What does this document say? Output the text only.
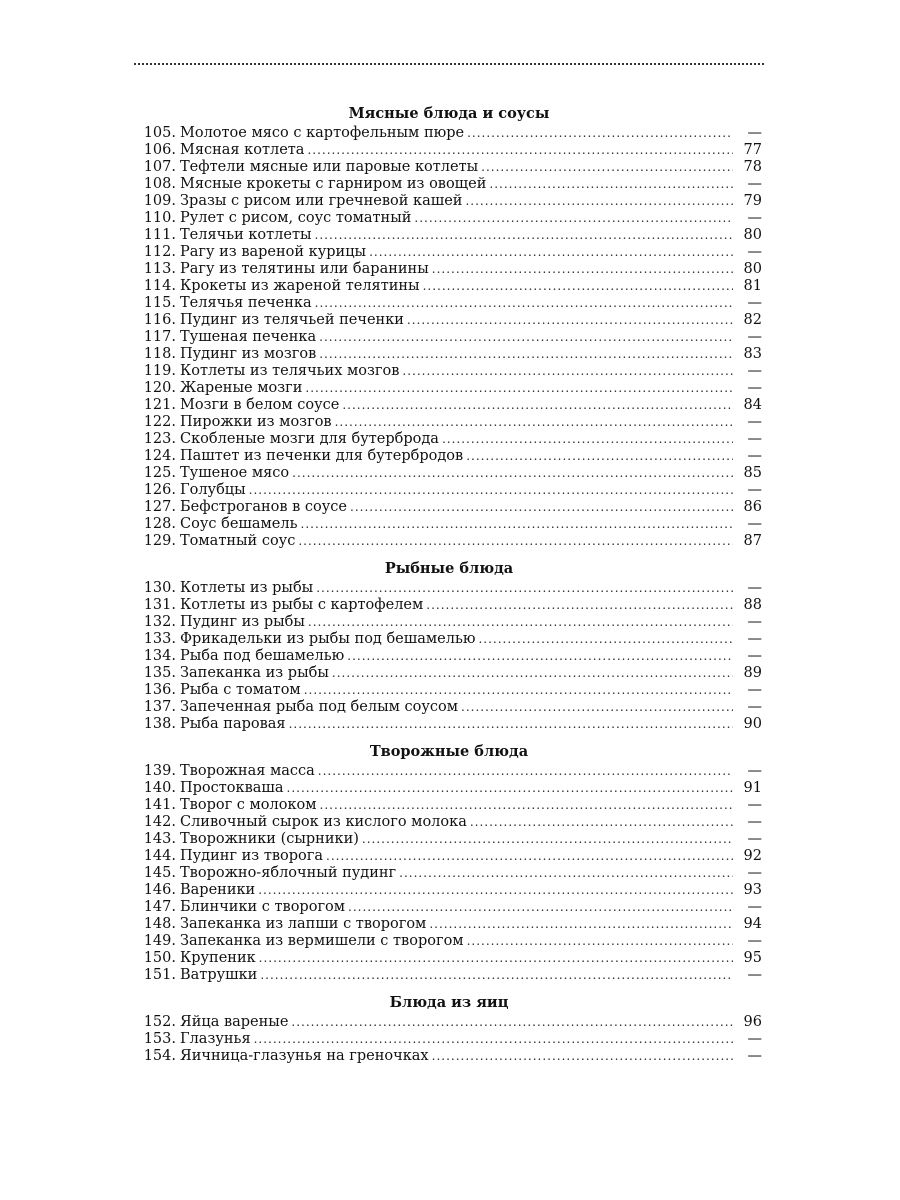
Мясные блюда и соусы
105. Молотое мясо с картофельным пюре .....	—
106. Мясная котлета .....	77
107. Тефтели мясные или паровые котлеты .....	78
108. Мясные крокеты с гарниром из овощей .....	—
109. Зразы с рисом или гречневой кашей .....	79
110. Рулет с рисом, соус томатный .....	—
111. Телячьи котлеты .....	80
112. Рагу из вареной курицы .....	—
113. Рагу из телятины или баранины .....	80
114. Крокеты из жареной телятины .....	81
115. Телячья печенка .....	—
116. Пудинг из телячьей печенки .....	82
117. Тушеная печенка .....	—
118. Пудинг из мозгов .....	83
119. Котлеты из телячьих мозгов .....	—
120. Жареные мозги .....	—
121. Мозги в белом соусе .....	84
122. Пирожки из мозгов .....	—
123. Скобленые мозги для бутерброда .....	—
124. Паштет из печенки для бутербродов .....	—
125. Тушеное мясо .....	85
126. Голубцы .....	—
127. Бефстроганов в соусе .....	86
128. Соус бешамель .....	—
129. Томатный соус .....	87
Рыбные блюда
130. Котлеты из рыбы .....	—
131. Котлеты из рыбы с картофелем .....	88
132. Пудинг из рыбы .....	—
133. Фрикадельки из рыбы под бешамелью .....	—
134. Рыба под бешамелью .....	—
135. Запеканка из рыбы .....	89
136. Рыба с томатом .....	—
137. Запеченная рыба под белым соусом .....	—
138. Рыба паровая .....	90
Творожные блюда
139. Творожная масса .....	—
140. Простокваша .....	91
141. Творог с молоком .....	—
142. Сливочный сырок из кислого молока .....	—
143. Творожники (сырники) .....	—
144. Пудинг из творога .....	92
145. Творожно-яблочный пудинг .....	—
146. Вареники .....	93
147. Блинчики с творогом .....	—
148. Запеканка из лапши с творогом .....	94
149. Запеканка из вермишели с творогом .....	—
150. Крупеник .....	95
151. Ватрушки .....	—
Блюда из яиц
152. Яйца вареные .....	96
153. Глазунья .....	—
154. Яичница-глазунья на греночках .....	—
